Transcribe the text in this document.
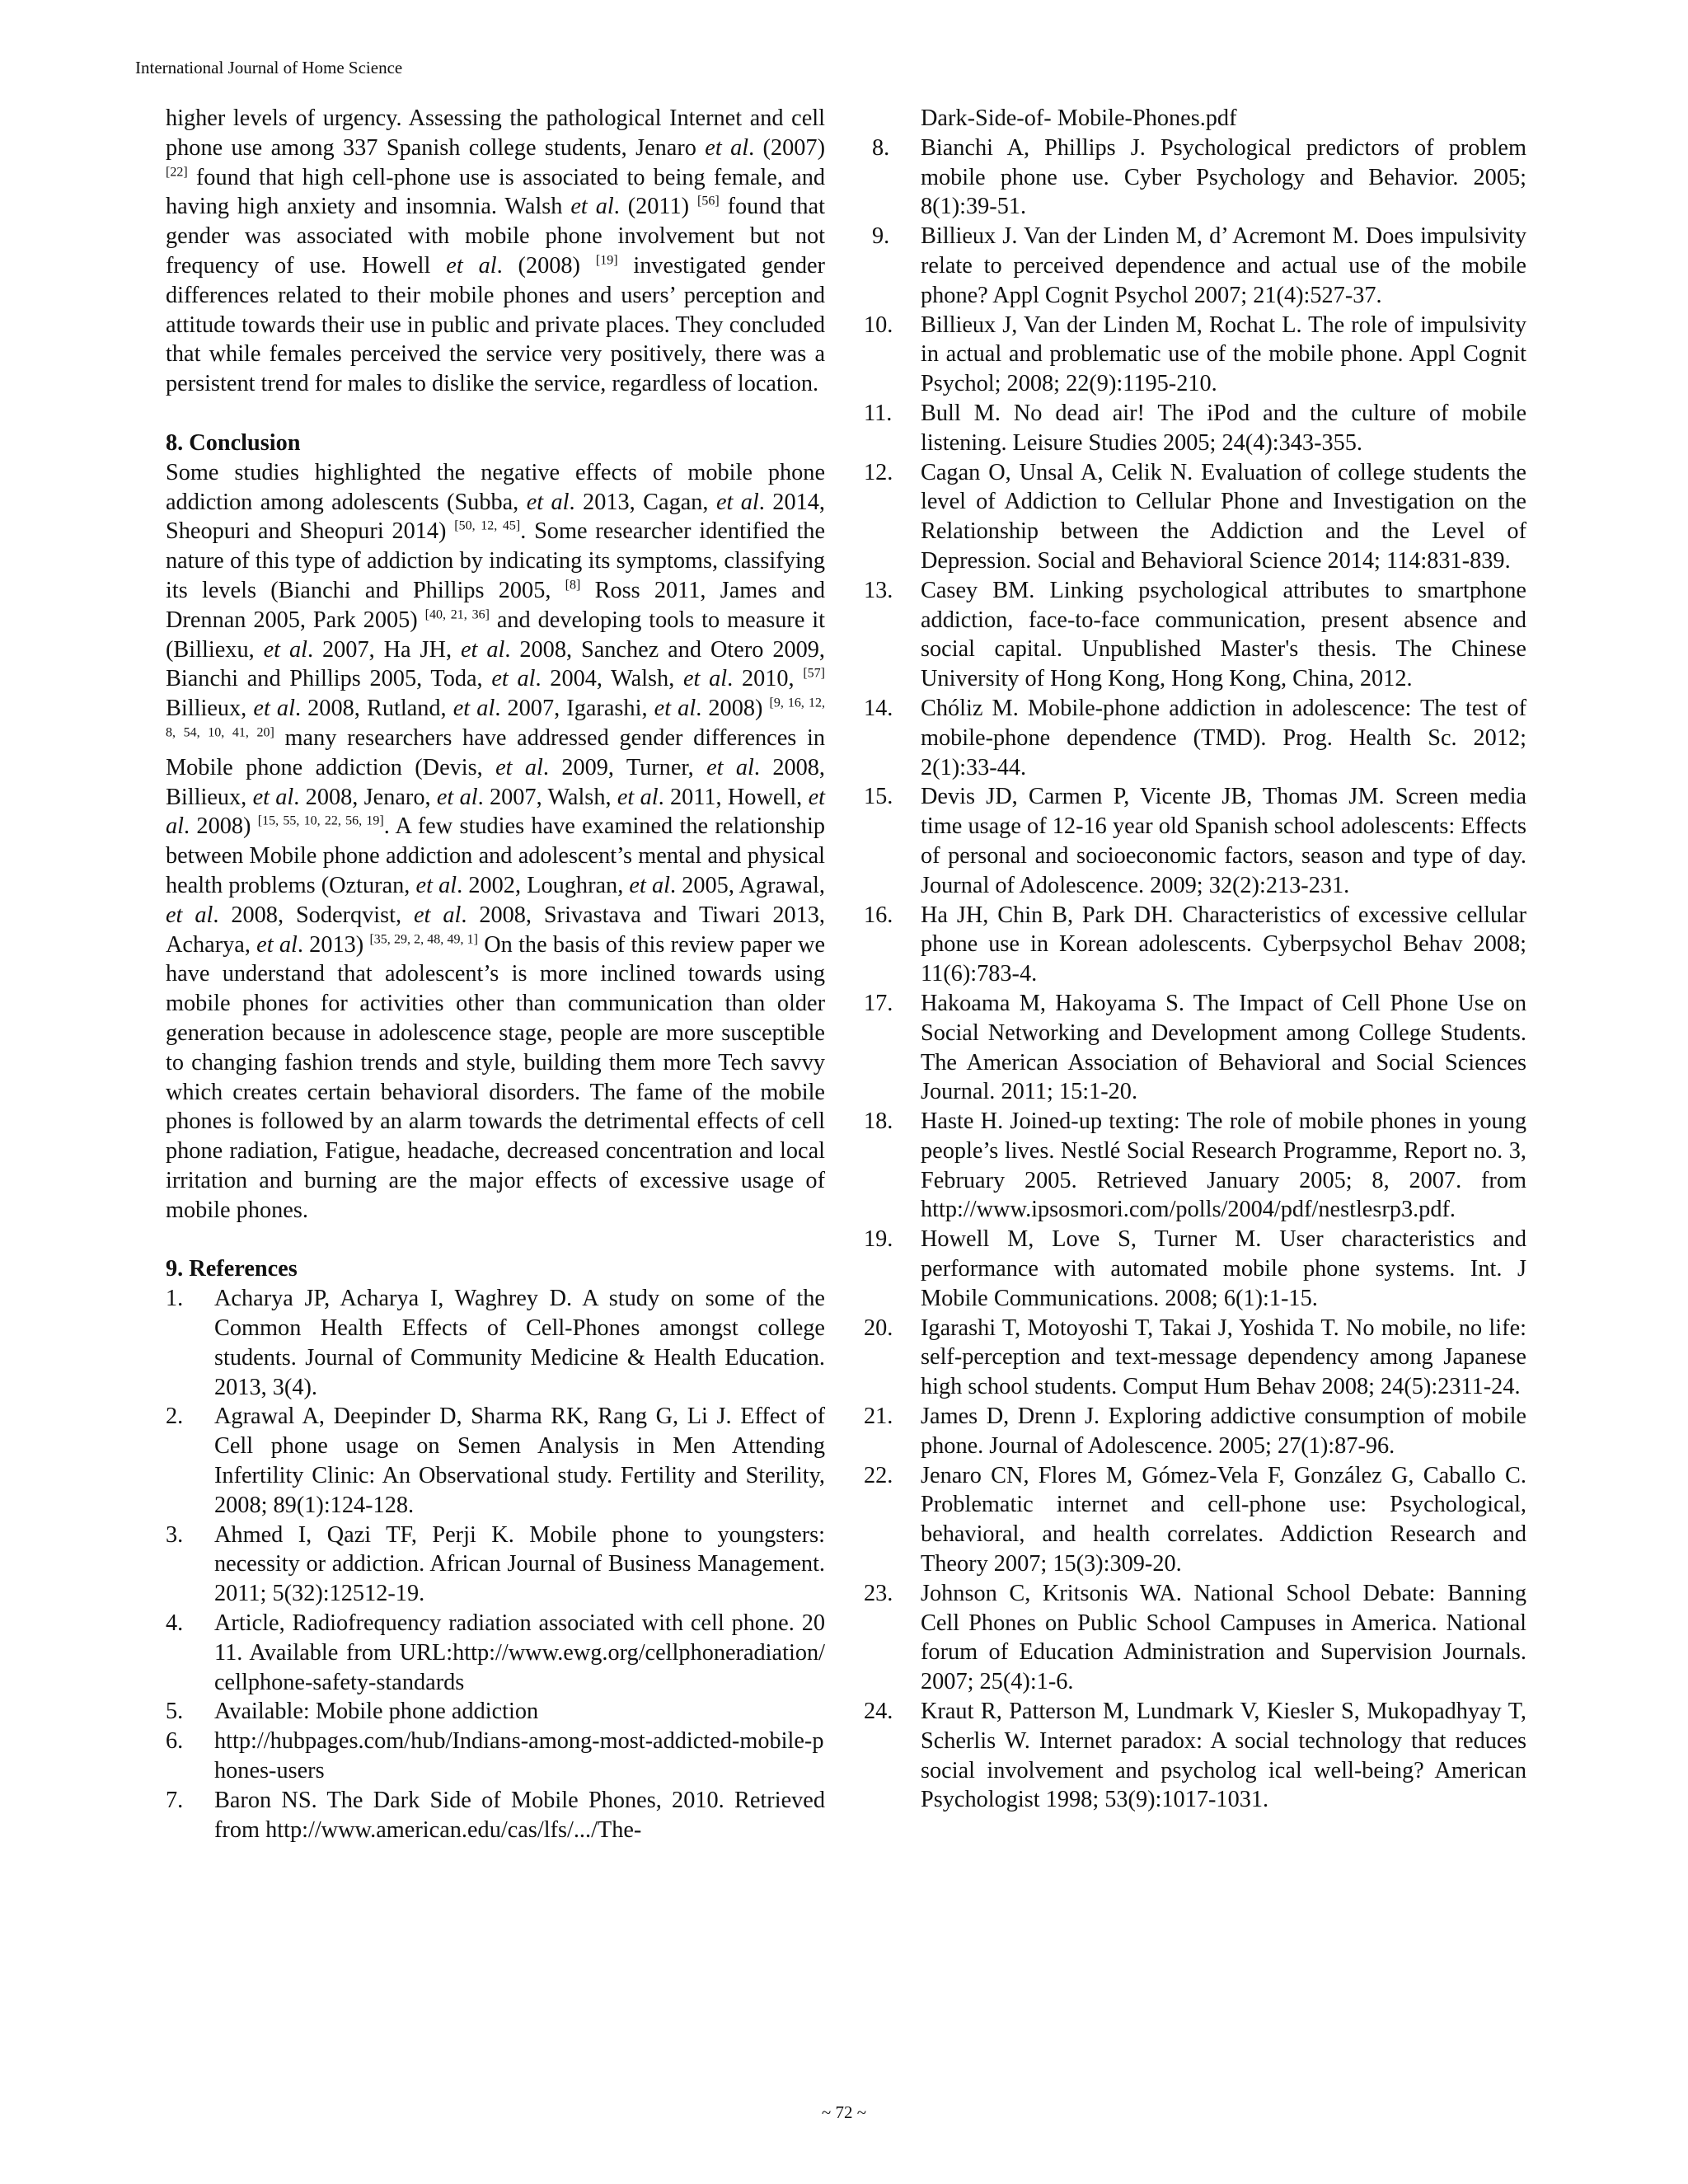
International Journal of Home Science

higher levels of urgency. Assessing the pathological Internet and cell phone use among 337 Spanish college students, Jenaro et al. (2007) [22] found that high cell-phone use is associated to being female, and having high anxiety and insomnia. Walsh et al. (2011) [56] found that gender was associated with mobile phone involvement but not frequency of use. Howell et al. (2008) [19] investigated gender differences related to their mobile phones and users’ perception and attitude towards their use in public and private places. They concluded that while females perceived the service very positively, there was a persistent trend for males to dislike the service, regardless of location.

8. Conclusion

Some studies highlighted the negative effects of mobile phone addiction among adolescents (Subba, et al. 2013, Cagan, et al. 2014, Sheopuri and Sheopuri 2014) [50, 12, 45]. Some researcher identified the nature of this type of addiction by indicating its symptoms, classifying its levels (Bianchi and Phillips 2005, [8] Ross 2011, James and Drennan 2005, Park 2005) [40, 21, 36] and developing tools to measure it (Billiexu, et al. 2007, Ha JH, et al. 2008, Sanchez and Otero 2009, Bianchi and Phillips 2005, Toda, et al. 2004, Walsh, et al. 2010, [57] Billieux, et al. 2008, Rutland, et al. 2007, Igarashi, et al. 2008) [9, 16, 12, 8, 54, 10, 41, 20] many researchers have addressed gender differences in Mobile phone addiction (Devis, et al. 2009, Turner, et al. 2008, Billieux, et al. 2008, Jenaro, et al. 2007, Walsh, et al. 2011, Howell, et al. 2008) [15, 55, 10, 22, 56, 19]. A few studies have examined the relationship between Mobile phone addiction and adolescent’s mental and physical health problems (Ozturan, et al. 2002, Loughran, et al. 2005, Agrawal, et al. 2008, Soderqvist, et al. 2008, Srivastava and Tiwari 2013, Acharya, et al. 2013) [35, 29, 2, 48, 49, 1] On the basis of this review paper we have understand that adolescent’s is more inclined towards using mobile phones for activities other than communication than older generation because in adolescence stage, people are more susceptible to changing fashion trends and style, building them more Tech savvy which creates certain behavioral disorders. The fame of the mobile phones is followed by an alarm towards the detrimental effects of cell phone radiation, Fatigue, headache, decreased concentration and local irritation and burning are the major effects of excessive usage of mobile phones.

9. References
1.	Acharya JP, Acharya I, Waghrey D. A study on some of the Common Health Effects of Cell-Phones amongst college students. Journal of Community Medicine & Health Education. 2013, 3(4).
2.	Agrawal A, Deepinder D, Sharma RK, Rang G, Li J. Effect of Cell phone usage on Semen Analysis in Men Attending Infertility Clinic: An Observational study. Fertility and Sterility, 2008; 89(1):124-128.
3.	Ahmed I, Qazi TF, Perji K. Mobile phone to youngsters: necessity or addiction. African Journal of Business Management. 2011; 5(32):12512-19.
4.	Article, Radiofrequency radiation associated with cell phone. 2011. Available from URL:http://www.ewg.org/cellphoneradiation/cellphone-safety-standards
5.	Available: Mobile phone addiction
6.	http://hubpages.com/hub/Indians-among-most-addicted-mobile-phones-users
7.	Baron NS. The Dark Side of Mobile Phones, 2010. Retrieved from http://www.american.edu/cas/lfs/.../The-
Dark-Side-of- Mobile-Phones.pdf
8.	Bianchi A, Phillips J. Psychological predictors of problem mobile phone use. Cyber Psychology and Behavior. 2005; 8(1):39-51.
9.	Billieux J. Van der Linden M, d’ Acremont M. Does impulsivity relate to perceived dependence and actual use of the mobile phone? Appl Cognit Psychol 2007; 21(4):527-37.
10.	Billieux J, Van der Linden M, Rochat L. The role of impulsivity in actual and problematic use of the mobile phone. Appl Cognit Psychol; 2008; 22(9):1195-210.
11.	Bull M. No dead air! The iPod and the culture of mobile listening. Leisure Studies 2005; 24(4):343-355.
12.	Cagan O, Unsal A, Celik N. Evaluation of college students the level of Addiction to Cellular Phone and Investigation on the Relationship between the Addiction and the Level of Depression. Social and Behavioral Science 2014; 114:831-839.
13.	Casey BM. Linking psychological attributes to smartphone addiction, face-to-face communication, present absence and social capital. Unpublished Master's thesis. The Chinese University of Hong Kong, Hong Kong, China, 2012.
14.	Chóliz M. Mobile-phone addiction in adolescence: The test of mobile-phone dependence (TMD). Prog. Health Sc. 2012; 2(1):33-44.
15.	Devis JD, Carmen P, Vicente JB, Thomas JM. Screen media time usage of 12-16 year old Spanish school adolescents: Effects of personal and socioeconomic factors, season and type of day. Journal of Adolescence. 2009; 32(2):213-231.
16.	Ha JH, Chin B, Park DH. Characteristics of excessive cellular phone use in Korean adolescents. Cyberpsychol Behav 2008; 11(6):783-4.
17.	Hakoama M, Hakoyama S. The Impact of Cell Phone Use on Social Networking and Development among College Students. The American Association of Behavioral and Social Sciences Journal. 2011; 15:1-20.
18.	Haste H. Joined-up texting: The role of mobile phones in young people’s lives. Nestlé Social Research Programme, Report no. 3, February 2005. Retrieved January 2005; 8, 2007. from http://www.ipsosmori.com/polls/2004/pdf/nestlesrp3.pdf.
19.	Howell M, Love S, Turner M. User characteristics and performance with automated mobile phone systems. Int. J Mobile Communications. 2008; 6(1):1-15.
20.	Igarashi T, Motoyoshi T, Takai J, Yoshida T. No mobile, no life: self-perception and text-message dependency among Japanese high school students. Comput Hum Behav 2008; 24(5):2311-24.
21.	James D, Drenn J. Exploring addictive consumption of mobile phone. Journal of Adolescence. 2005; 27(1):87-96.
22.	Jenaro CN, Flores M, Gómez-Vela F, González G, Caballo C. Problematic internet and cell-phone use: Psychological, behavioral, and health correlates. Addiction Research and Theory 2007; 15(3):309-20.
23.	Johnson C, Kritsonis WA. National School Debate: Banning Cell Phones on Public School Campuses in America. National forum of Education Administration and Supervision Journals. 2007; 25(4):1-6.
24.	Kraut R, Patterson M, Lundmark V, Kiesler S, Mukopadhyay T, Scherlis W. Internet paradox: A social technology that reduces social involvement and psycholog ical well-being? American Psychologist 1998; 53(9):1017-1031.
~ 72 ~
